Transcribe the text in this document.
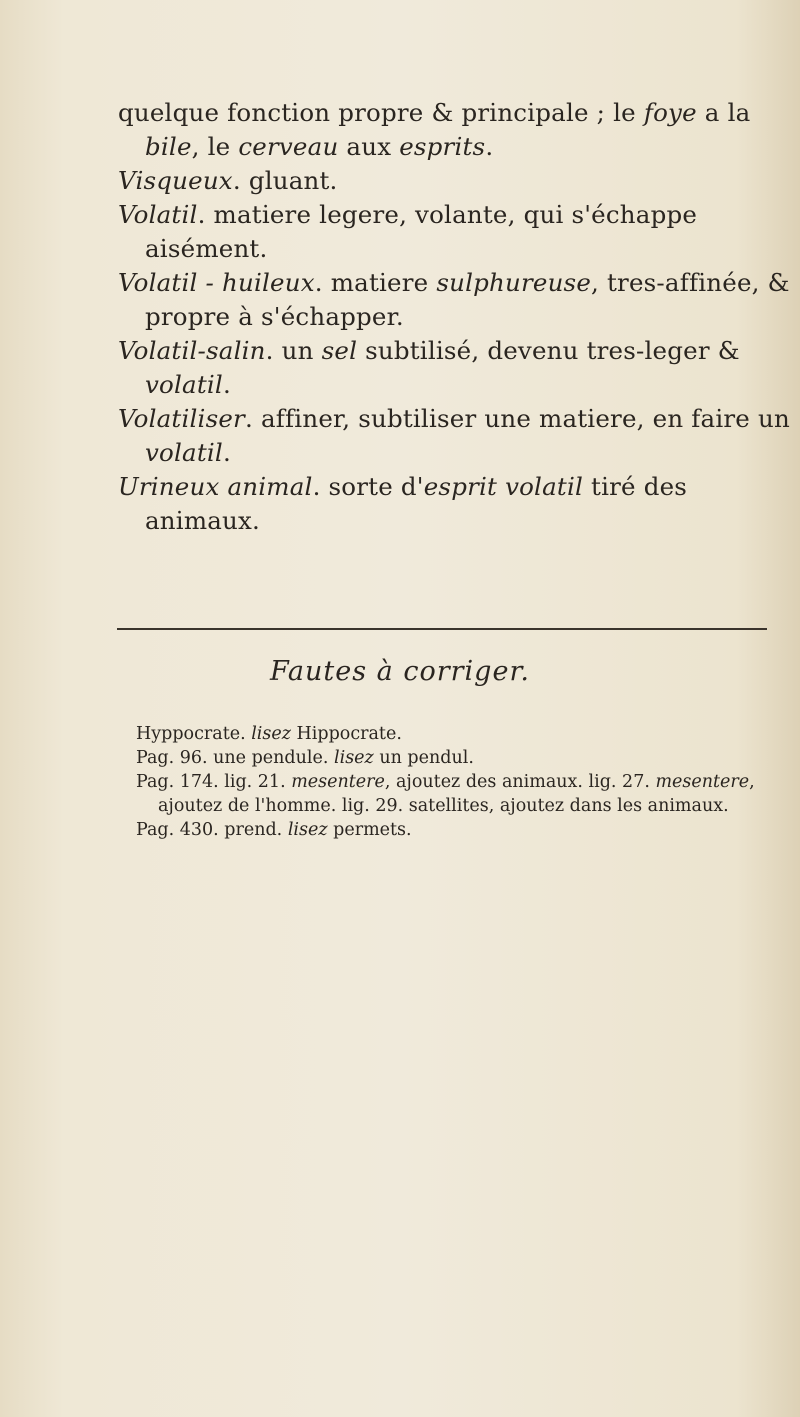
quelque fonction propre & principale ; le foye a la bile, le cerveau aux esprits.

Visqueux. gluant.

Volatil. matiere legere, volante, qui s'échappe aisément.

Volatil - huileux. matiere sulphureuse, tres-affinée, & propre à s'échapper.

Volatil-salin. un sel subtilisé, devenu tres-leger & volatil.

Volatiliser. affiner, subtiliser une matiere, en faire un volatil.

Urineux animal. sorte d'esprit volatil tiré des animaux.

Fautes à corriger.

Hyppocrate. lisez Hippocrate.

Pag. 96. une pendule. lisez un pendul.

Pag. 174. lig. 21. mesentere, ajoutez des animaux. lig. 27. mesentere, ajoutez de l'homme. lig. 29. satellites, ajoutez dans les animaux.

Pag. 430. prend. lisez permets.
